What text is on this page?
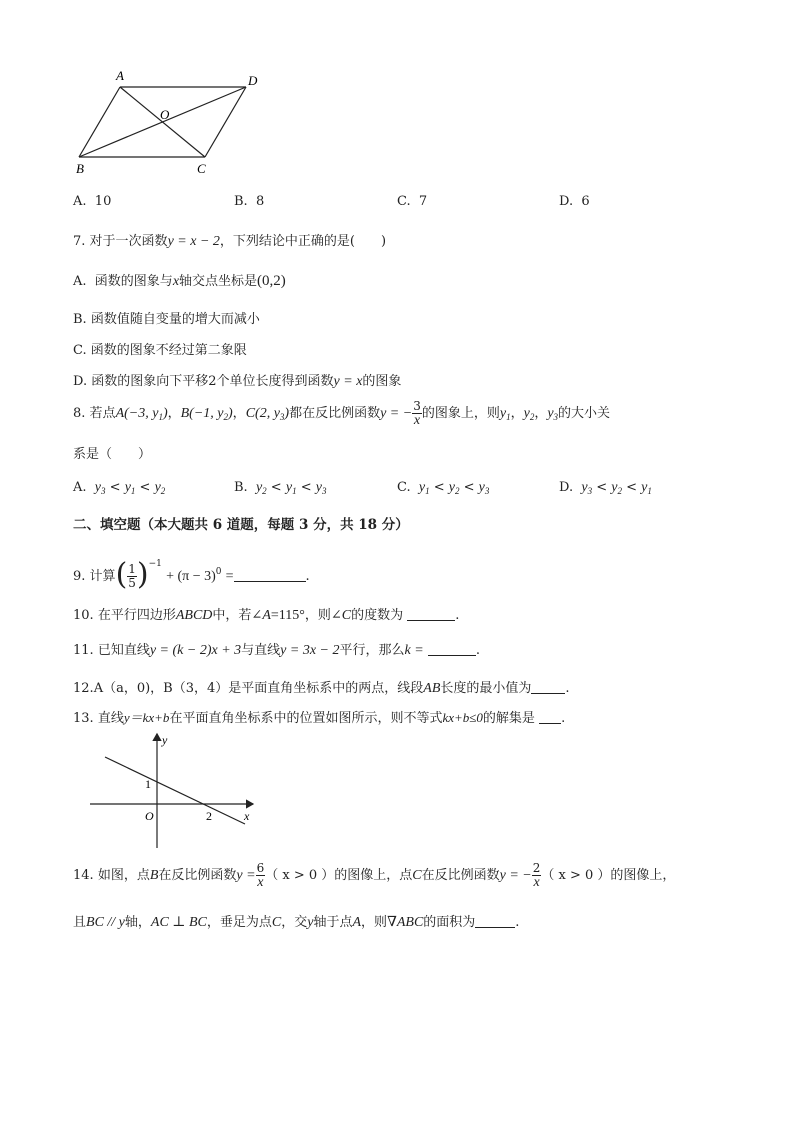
A	D
O
B	C
A. 10	B. 8	C. 7	D. 6
7. 对于一次函数y = x − 2，下列结论中正确的是(　　)
A. 函数的图象与x轴交点坐标是(0,2)
B. 函数值随自变量的增大而减小
C. 函数的图象不经过第二象限
D. 函数的图象向下平移2个单位长度得到函数y = x的图象
8. 若点A(−3, $y_1$)，B(−1, $y_2$)，C(2, $y_3$)都在反比例函数y = − $\frac{3}{x}$ 的图象上，则$y_1$，$y_2$，$y_3$的大小关
系是（　　）
A. $y_3 < y_1 < y_2$	B. $y_2 < y_1 < y_3$	C. $y_1 < y_2 < y_3$	D. $y_3 < y_2 < y_1$
二、填空题（本大题共 6 道题，每题 3 分，共 18 分）
9. 计算( $\frac{1}{5} )^{-1} + (\pi - 3)^0$ =	.
10. 在平行四边形ABCD中，若∠A=115°，则∠C的度数为	.
11. 已知直线y = (k − 2)x + 3与直线y = 3x − 2平行，那么k =	.
12.A（a，0)，B（3，4）是平面直角坐标系中的两点，线段AB长度的最小值为	.
13. 直线y＝kx+b在平面直角坐标系中的位置如图所示，则不等式kx+b≤0的解集是 .
y
x
1
O	2
14. 如图，点B在反比例函数$y = \frac{6}{x}$ （ x > 0 ）的图像上，点C在反比例函数y = − $\frac{2}{x}$ （ x > 0 ）的图像上，
且BC // y轴，AC ⊥ BC，垂足为点C，交y轴于点A，则∇ABC的面积为	.
